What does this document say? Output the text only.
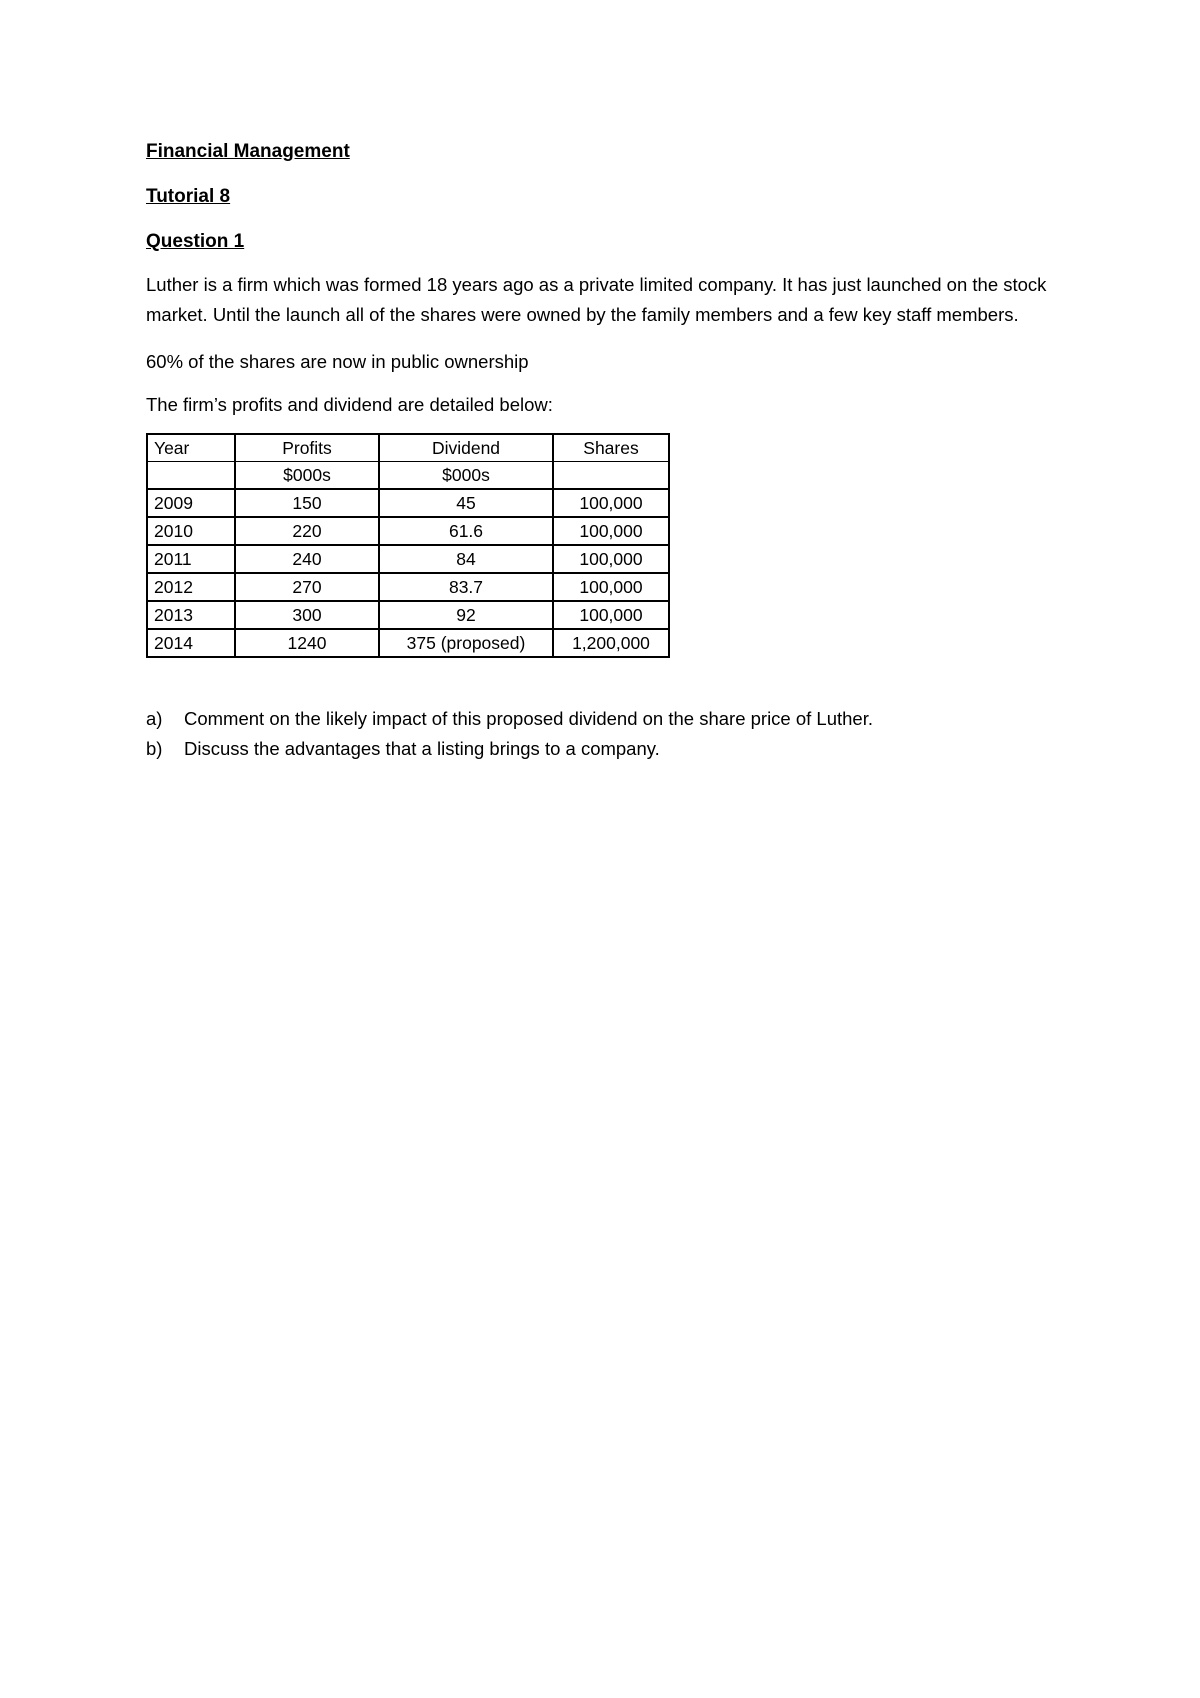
Financial Management

Tutorial 8

Question 1

Luther is a firm which was formed 18 years ago as a private limited company. It has just launched on the stock market. Until the launch all of the shares were owned by the family members and a few key staff members.

60% of the shares are now in public ownership

The firm’s profits and dividend are detailed below:

Year	Profits	Dividend	Shares
	$000s	$000s	
2009	150	45	100,000
2010	220	61.6	100,000
2011	240	84	100,000
2012	270	83.7	100,000
2013	300	92	100,000
2014	1240	375 (proposed)	1,200,000
a)	Comment on the likely impact of this proposed dividend on the share price of Luther.
b)	Discuss the advantages that a listing brings to a company.
